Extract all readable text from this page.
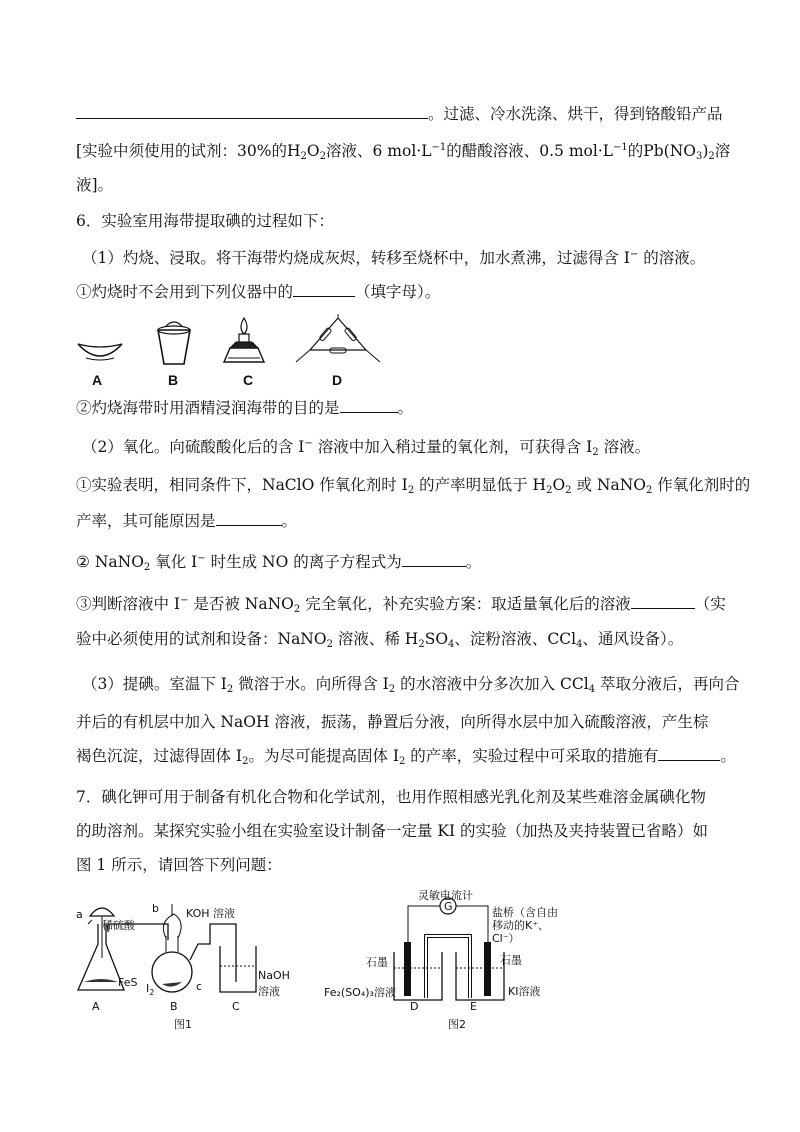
。过滤、冷水洗涤、烘干，得到铬酸铅产品
[实验中须使用的试剂：30%的$H_2O_2$溶液、6 $mol\cdot L^{-1}$的醋酸溶液、0.5 $mol\cdot L^{-1}$的$Pb(NO_3)_2$溶
液]。
6．实验室用海带提取碘的过程如下：
（1）灼烧、浸取。将干海带灼烧成灰烬，转移至烧杯中，加水煮沸，过滤得含 I− 的溶液。
①灼烧时不会用到下列仪器中的	（填字母）。
A	B	C	D
②灼烧海带时用酒精浸润海带的目的是	。
（2）氧化。向硫酸酸化后的含 I− 溶液中加入稍过量的氧化剂，可获得含 $I_2$ 溶液。
①实验表明，相同条件下，NaClO 作氧化剂时 $I_2$ 的产率明显低于 $H_2O_2$ 或 NaNO$_2$ 作氧化剂时的
产率，其可能原因是	。
② NaNO$_2$ 氧化 I− 时生成 NO 的离子方程式为	。
③判断溶液中 I− 是否被 NaNO$_2$ 完全氧化，补充实验方案：取适量氧化后的溶液	（实
验中必须使用的试剂和设备：NaNO$_2$ 溶液、稀 $H_2SO_4$、淀粉溶液、CCl$_4$、通风设备）。
（3）提碘。室温下 $I_2$ 微溶于水。向所得含 $I_2$ 的水溶液中分多次加入 CCl$_4$ 萃取分液后，再向合
并后的有机层中加入 NaOH 溶液，振荡，静置后分液，向所得水层中加入硫酸溶液，产生棕
褐色沉淀，过滤得固体 $I_2$。为尽可能提高固体 $I_2$ 的产率，实验过程中可采取的措施有	。
7．碘化钾可用于制备有机化合物和化学试剂，也用作照相感光乳化剂及某些难溶金属碘化物
的助溶剂。某探究实验小组在实验室设计制备一定量 KI 的实验（加热及夹持装置已省略）如
图 1 所示，请回答下列问题：
a	b
稀硫酸
KOH 溶液
FeS $I_2$	c
NaOH
溶液
A	B	C
图1
灵敏电流计
G	盐桥（含自由
移动的K⁺、
Cl⁻）
石墨	石墨
Fe₂(SO₄)₃溶液	KI溶液
D	E
图2
